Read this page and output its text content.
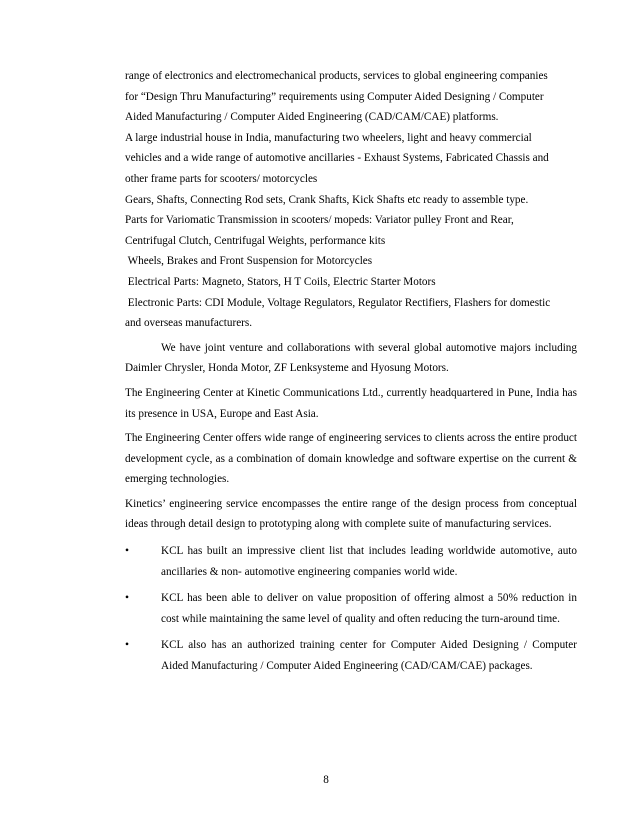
range of electronics and electromechanical products, services to global engineering companies
for “Design Thru Manufacturing” requirements using Computer Aided Designing / Computer
Aided Manufacturing / Computer Aided Engineering (CAD/CAM/CAE) platforms.
A large industrial house in India, manufacturing two wheelers, light and heavy commercial
vehicles and a wide range of automotive ancillaries - Exhaust Systems, Fabricated Chassis and
other frame parts for scooters/ motorcycles
Gears, Shafts, Connecting Rod sets, Crank Shafts, Kick Shafts etc ready to assemble type.
Parts for Variomatic Transmission in scooters/ mopeds: Variator pulley Front and Rear,
Centrifugal Clutch, Centrifugal Weights, performance kits
Wheels, Brakes and Front Suspension for Motorcycles
Electrical Parts: Magneto, Stators, H T Coils, Electric Starter Motors
Electronic Parts: CDI Module, Voltage Regulators, Regulator Rectifiers, Flashers for domestic
and overseas manufacturers.

We have joint venture and collaborations with several global automotive majors including Daimler Chrysler, Honda Motor, ZF Lenksysteme and Hyosung Motors.

The Engineering Center at Kinetic Communications Ltd., currently headquartered in Pune, India has its presence in USA, Europe and East Asia.

The Engineering Center offers wide range of engineering services to clients across the entire product development cycle, as a combination of domain knowledge and software expertise on the current & emerging technologies.

Kinetics’ engineering service encompasses the entire range of the design process from conceptual ideas through detail design to prototyping along with complete suite of manufacturing services.

•	KCL has built an impressive client list that includes leading worldwide automotive, auto ancillaries & non- automotive engineering companies world wide.
•	KCL has been able to deliver on value proposition of offering almost a 50% reduction in cost while maintaining the same level of quality and often reducing the turn-around time.
•	KCL also has an authorized training center for Computer Aided Designing / Computer Aided Manufacturing / Computer Aided Engineering (CAD/CAM/CAE) packages.
8
